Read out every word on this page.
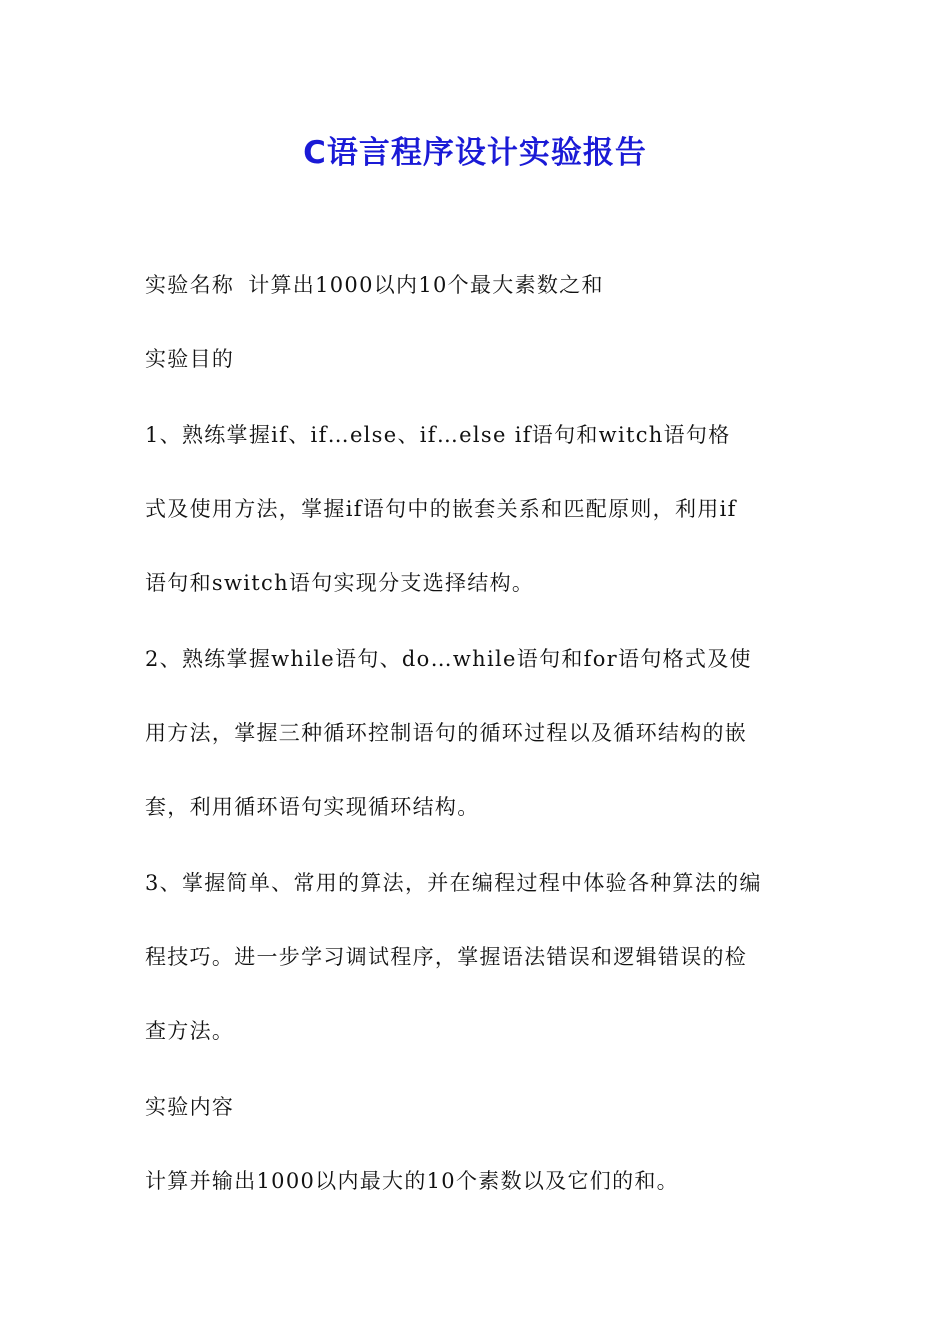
C语言程序设计实验报告
实验名称 计算出1000以内10个最大素数之和
实验目的
1、熟练掌握if、if…else、if…else if语句和witch语句格
式及使用方法，掌握if语句中的嵌套关系和匹配原则，利用if
语句和switch语句实现分支选择结构。
2、熟练掌握while语句、do…while语句和for语句格式及使
用方法，掌握三种循环控制语句的循环过程以及循环结构的嵌
套，利用循环语句实现循环结构。
3、掌握简单、常用的算法，并在编程过程中体验各种算法的编
程技巧。进一步学习调试程序，掌握语法错误和逻辑错误的检
查方法。
实验内容
计算并输出1000以内最大的10个素数以及它们的和。
